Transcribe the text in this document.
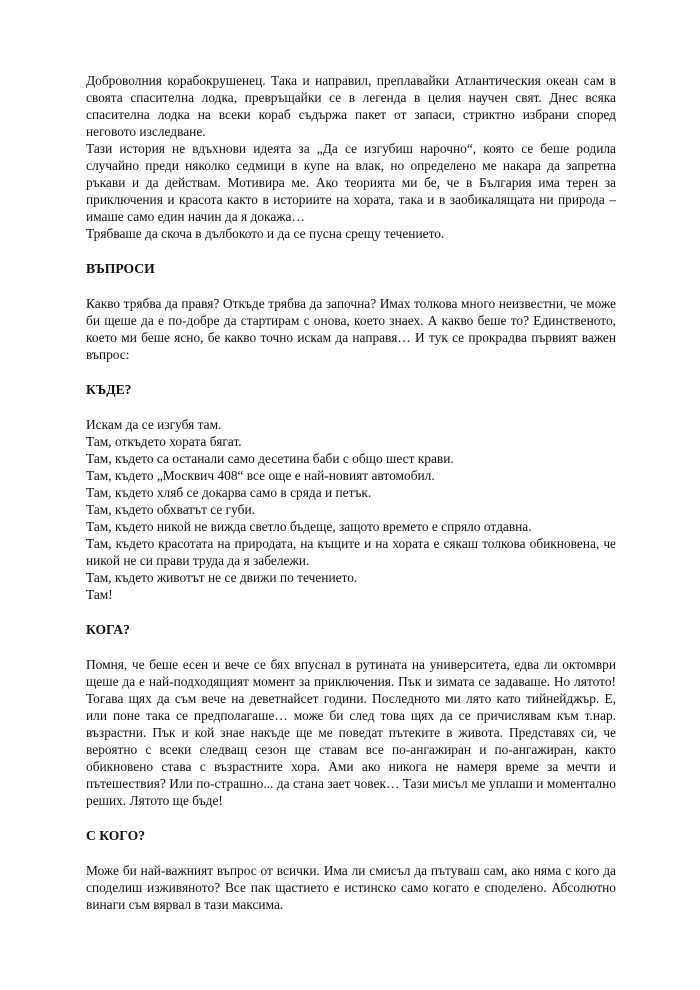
Доброволния корабокрушенец. Така и направил, преплавайки Атлантическия океан сам в своята спасителна лодка, превръщайки се в легенда в целия научен свят. Днес всяка спасителна лодка на всеки кораб съдържа пакет от запаси, стриктно избрани според неговото изследване.

Тази история не вдъхнови идеята за „Да се изгубиш нарочно“, която се беше родила случайно преди няколко седмици в купе на влак, но определено ме накара да запретна ръкави и да действам. Мотивира ме. Ако теорията ми бе, че в България има терен за приключения и красота както в историите на хората, така и в заобикалящата ни природа – имаше само един начин да я докажа…

Трябваше да скоча в дълбокото и да се пусна срещу течението.

ВЪПРОСИ

Какво трябва да правя? Откъде трябва да започна? Имах толкова много неизвестни, че може би щеше да е по-добре да стартирам с онова, което знаех. А какво беше то? Единственото, което ми беше ясно, бе какво точно искам да направя… И тук се прокрадва първият важен въпрос:

КЪДЕ?

Искам да се изгубя там.

Там, откъдето хората бягат.

Там, където са останали само десетина баби с общо шест крави.

Там, където „Москвич 408“ все още е най-новият автомобил.

Там, където хляб се докарва само в сряда и петък.

Там, където обхватът се губи.

Там, където никой не вижда светло бъдеще, защото времето е спряло отдавна.

Там, където красотата на природата, на къщите и на хората е сякаш толкова обикновена, че никой не си прави труда да я забележи.

Там, където животът не се движи по течението.

Там!

КОГА?

Помня, че беше есен и вече се бях впуснал в рутината на университета, едва ли октомври щеше да е най-подходящият момент за приключения. Пък и зимата се задаваше. Но лятото! Тогава щях да съм вече на деветнайсет години. Последното ми лято като тийнейджър. Е, или поне така се предполагаше… може би след това щях да се причислявам към т.нар. възрастни. Пък и кой знае накъде ще ме поведат пътеките в живота. Представях си, че вероятно с всеки следващ сезон ще ставам все по-ангажиран и по-ангажиран, както обикновено става с възрастните хора. Ами ако никога не намеря време за мечти и пътешествия? Или по-страшно... да стана зает човек… Тази мисъл ме уплаши и моментално реших. Лятото ще бъде!

С КОГО?

Може би най-важният въпрос от всички. Има ли смисъл да пътуваш сам, ако няма с кого да споделиш изживяното? Все пак щастието е истинско само когато е споделено. Абсолютно винаги съм вярвал в тази максима.
